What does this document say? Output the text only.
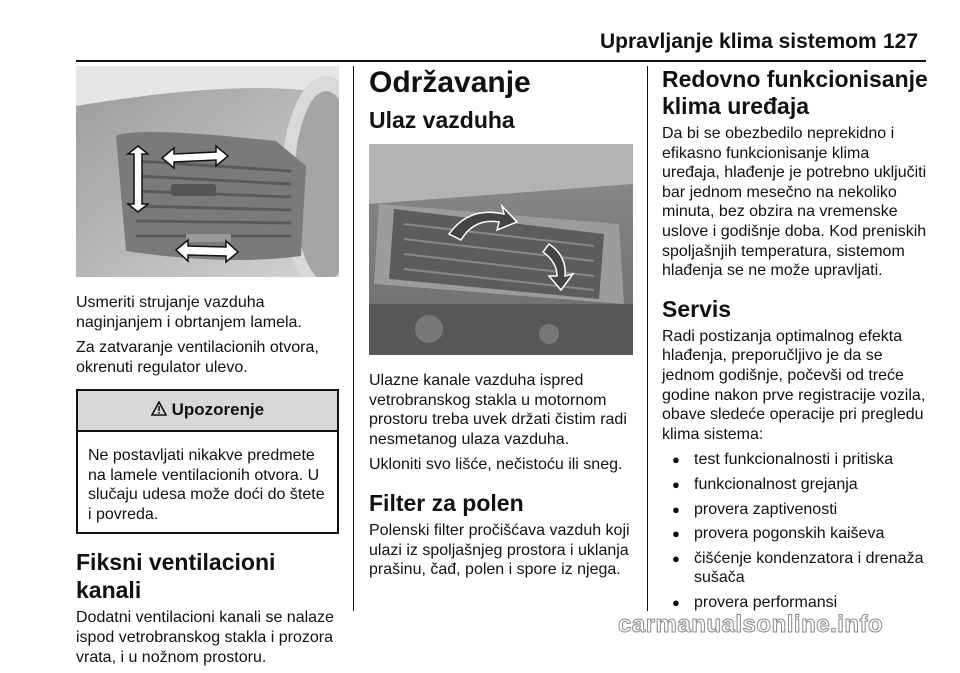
Upravljanje klima sistemom 127

Usmeriti strujanje vazduha naginjanjem i obrtanjem lamela.

Za zatvaranje ventilacionih otvora, okrenuti regulator ulevo.

Upozorenje
Ne postavljati nikakve predmete na lamele ventilacionih otvora. U slučaju udesa može doći do štete i povreda.
Fiksni ventilacioni kanali

Dodatni ventilacioni kanali se nalaze ispod vetrobranskog stakla i prozora vrata, i u nožnom prostoru.

Održavanje
Ulaz vazduha

Ulazne kanale vazduha ispred vetrobranskog stakla u motornom prostoru treba uvek držati čistim radi nesmetanog ulaza vazduha.

Ukloniti svo lišće, nečistoću ili sneg.

Filter za polen

Polenski filter pročišćava vazduh koji ulazi iz spoljašnjeg prostora i uklanja prašinu, čađ, polen i spore iz njega.

Redovno funkcionisanje klima uređaja

Da bi se obezbedilo neprekidno i efikasno funkcionisanje klima uređaja, hlađenje je potrebno uključiti bar jednom mesečno na nekoliko minuta, bez obzira na vremenske uslove i godišnje doba. Kod preniskih spoljašnjih temperatura, sistemom hlađenja se ne može upravljati.

Servis

Radi postizanja optimalnog efekta hlađenja, preporučljivo je da se jednom godišnje, počevši od treće godine nakon prve registracije vozila, obave sledeće operacije pri pregledu klima sistema:

● test funkcionalnosti i pritiska
● funkcionalnost grejanja
● provera zaptivenosti
● provera pogonskih kaiševa
● čišćenje kondenzatora i drenaža sušača
● provera performansi
carmanualsonline.info
